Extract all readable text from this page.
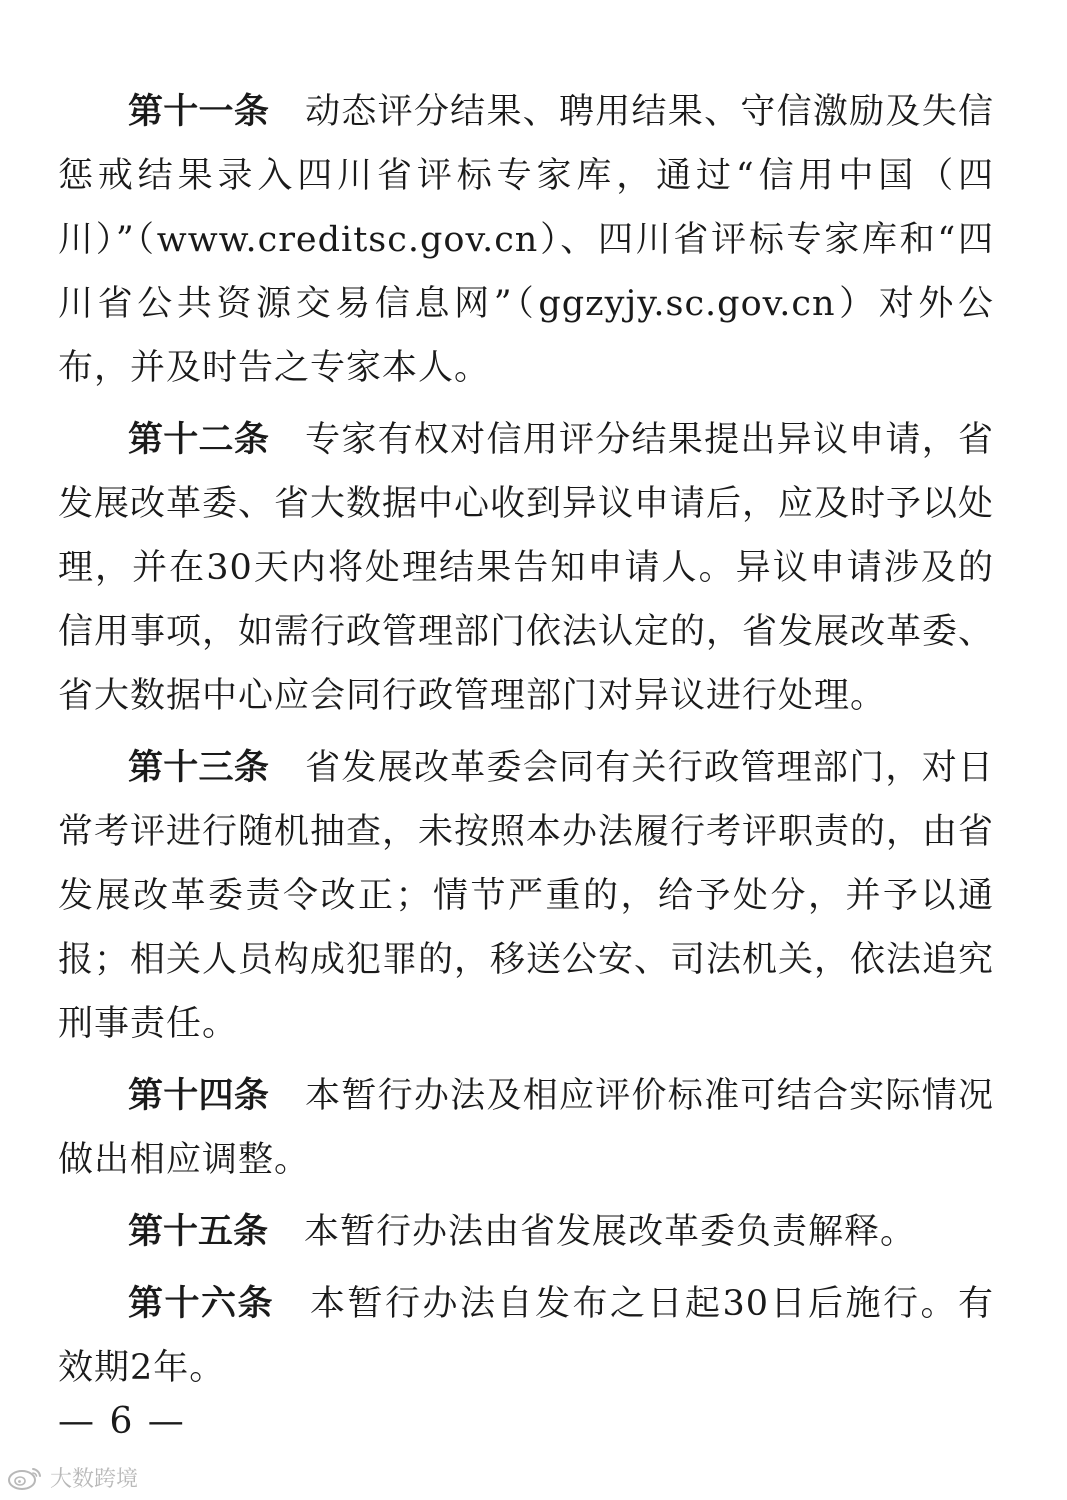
第十一条 动态评分结果、聘用结果、守信激励及失信惩戒结果录入四川省评标专家库，通过“信用中国（四川）”（www.creditsc.gov.cn）、四川省评标专家库和“四川省公共资源交易信息网”（ggzyjy.sc.gov.cn）对外公布，并及时告之专家本人。

第十二条 专家有权对信用评分结果提出异议申请，省发展改革委、省大数据中心收到异议申请后，应及时予以处理，并在30天内将处理结果告知申请人。异议申请涉及的信用事项，如需行政管理部门依法认定的，省发展改革委、省大数据中心应会同行政管理部门对异议进行处理。

第十三条 省发展改革委会同有关行政管理部门，对日常考评进行随机抽查，未按照本办法履行考评职责的，由省发展改革委责令改正；情节严重的，给予处分，并予以通报；相关人员构成犯罪的，移送公安、司法机关，依法追究刑事责任。

第十四条 本暂行办法及相应评价标准可结合实际情况做出相应调整。

第十五条 本暂行办法由省发展改革委负责解释。

第十六条 本暂行办法自发布之日起30日后施行。有效期2年。

— 6 —
大数跨境
